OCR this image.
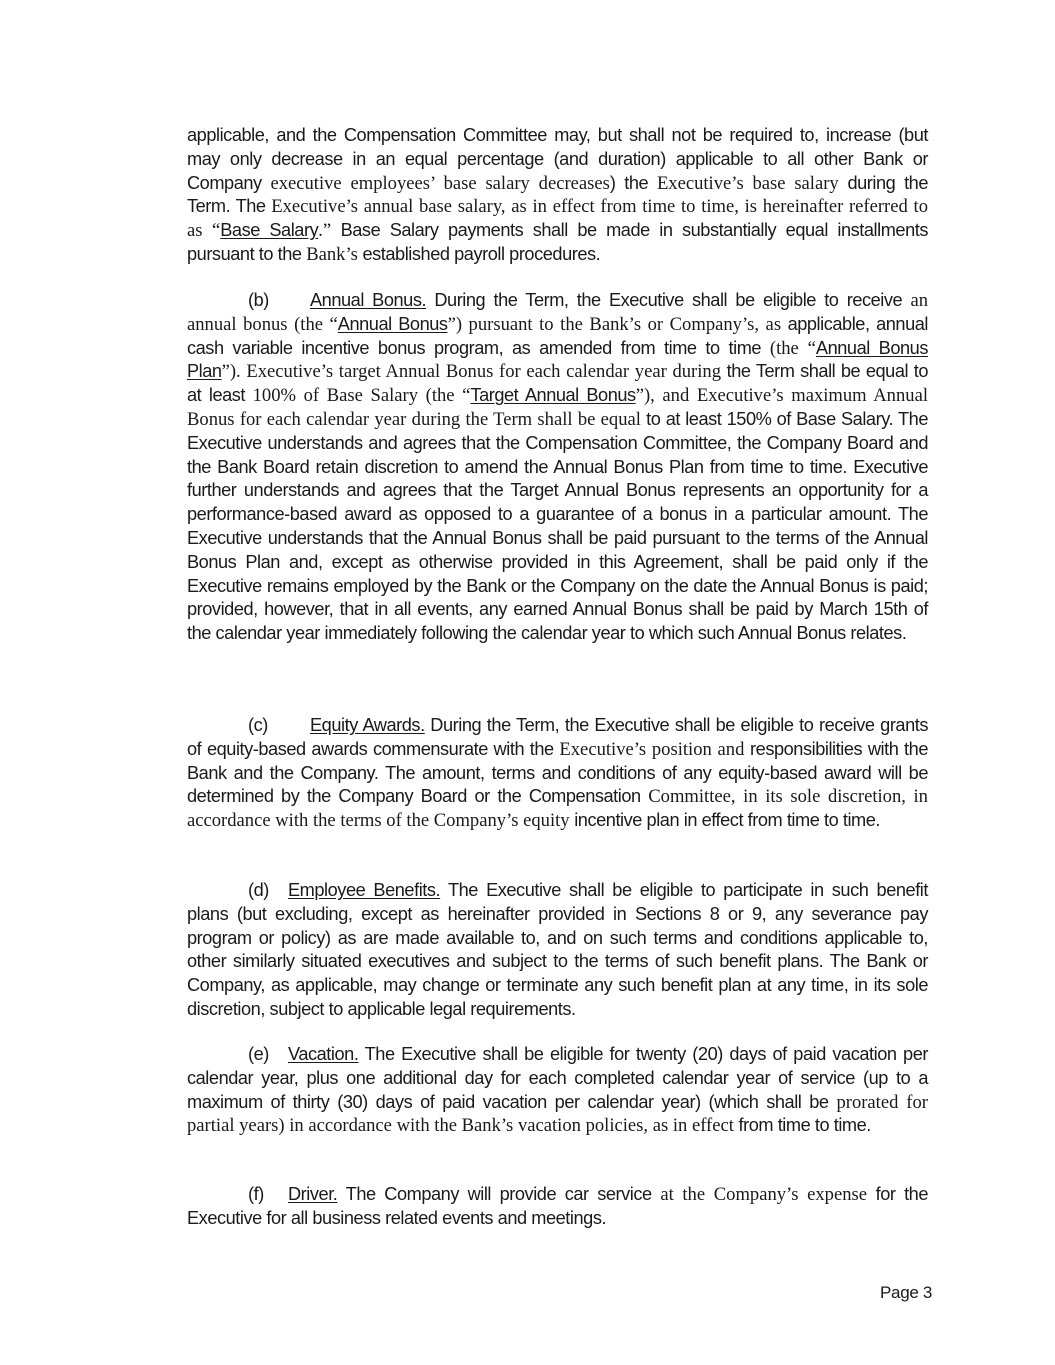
applicable, and the Compensation Committee may, but shall not be required to, increase (but may only decrease in an equal percentage (and duration) applicable to all other Bank or Company executive employees’ base salary decreases) the Executive’s base salary during the Term. The Executive’s annual base salary, as in effect from time to time, is hereinafter referred to as “Base Salary.” Base Salary payments shall be made in substantially equal installments pursuant to the Bank’s established payroll procedures.
(b) Annual Bonus. During the Term, the Executive shall be eligible to receive an annual bonus (the “Annual Bonus”) pursuant to the Bank’s or Company’s, as applicable, annual cash variable incentive bonus program, as amended from time to time (the “Annual Bonus Plan”). Executive’s target Annual Bonus for each calendar year during the Term shall be equal to at least 100% of Base Salary (the “Target Annual Bonus”), and Executive’s maximum Annual Bonus for each calendar year during the Term shall be equal to at least 150% of Base Salary. The Executive understands and agrees that the Compensation Committee, the Company Board and the Bank Board retain discretion to amend the Annual Bonus Plan from time to time. Executive further understands and agrees that the Target Annual Bonus represents an opportunity for a performance-based award as opposed to a guarantee of a bonus in a particular amount. The Executive understands that the Annual Bonus shall be paid pursuant to the terms of the Annual Bonus Plan and, except as otherwise provided in this Agreement, shall be paid only if the Executive remains employed by the Bank or the Company on the date the Annual Bonus is paid; provided, however, that in all events, any earned Annual Bonus shall be paid by March 15th of the calendar year immediately following the calendar year to which such Annual Bonus relates.
(c) Equity Awards. During the Term, the Executive shall be eligible to receive grants of equity-based awards commensurate with the Executive’s position and responsibilities with the Bank and the Company. The amount, terms and conditions of any equity-based award will be determined by the Company Board or the Compensation Committee, in its sole discretion, in accordance with the terms of the Company’s equity incentive plan in effect from time to time.
(d) Employee Benefits. The Executive shall be eligible to participate in such benefit plans (but excluding, except as hereinafter provided in Sections 8 or 9, any severance pay program or policy) as are made available to, and on such terms and conditions applicable to, other similarly situated executives and subject to the terms of such benefit plans. The Bank or Company, as applicable, may change or terminate any such benefit plan at any time, in its sole discretion, subject to applicable legal requirements.
(e) Vacation. The Executive shall be eligible for twenty (20) days of paid vacation per calendar year, plus one additional day for each completed calendar year of service (up to a maximum of thirty (30) days of paid vacation per calendar year) (which shall be prorated for partial years) in accordance with the Bank’s vacation policies, as in effect from time to time.
(f) Driver. The Company will provide car service at the Company’s expense for the Executive for all business related events and meetings.
Page 3
